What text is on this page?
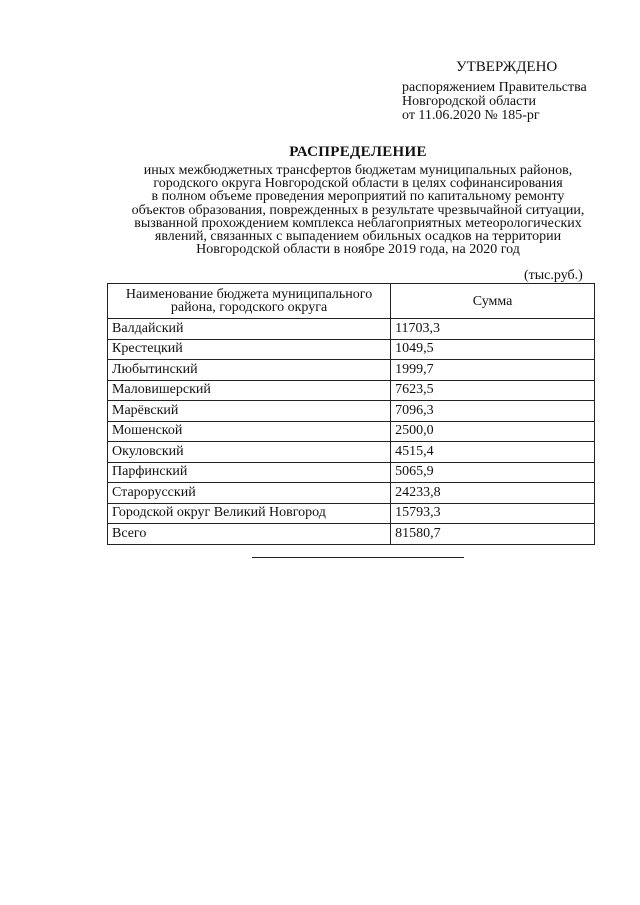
УТВЕРЖДЕНО
распоряжением Правительства
Новгородской области
от 11.06.2020 № 185-рг
РАСПРЕДЕЛЕНИЕ
иных межбюджетных трансфертов бюджетам муниципальных районов,
городского округа Новгородской области в целях софинансирования
в полном объеме проведения мероприятий по капитальному ремонту
объектов образования, поврежденных в результате чрезвычайной ситуации,
вызванной прохождением комплекса неблагоприятных метеорологических
явлений, связанных с выпадением обильных осадков на территории
Новгородской области в ноябре 2019 года, на 2020 год
(тыс.руб.)
Наименование бюджета муниципального района, городского округа	Сумма
Валдайский	11703,3
Крестецкий	1049,5
Любытинский	1999,7
Маловишерский	7623,5
Марёвский	7096,3
Мошенской	2500,0
Окуловский	4515,4
Парфинский	5065,9
Старорусский	24233,8
Городской округ Великий Новгород	15793,3
Всего	81580,7
